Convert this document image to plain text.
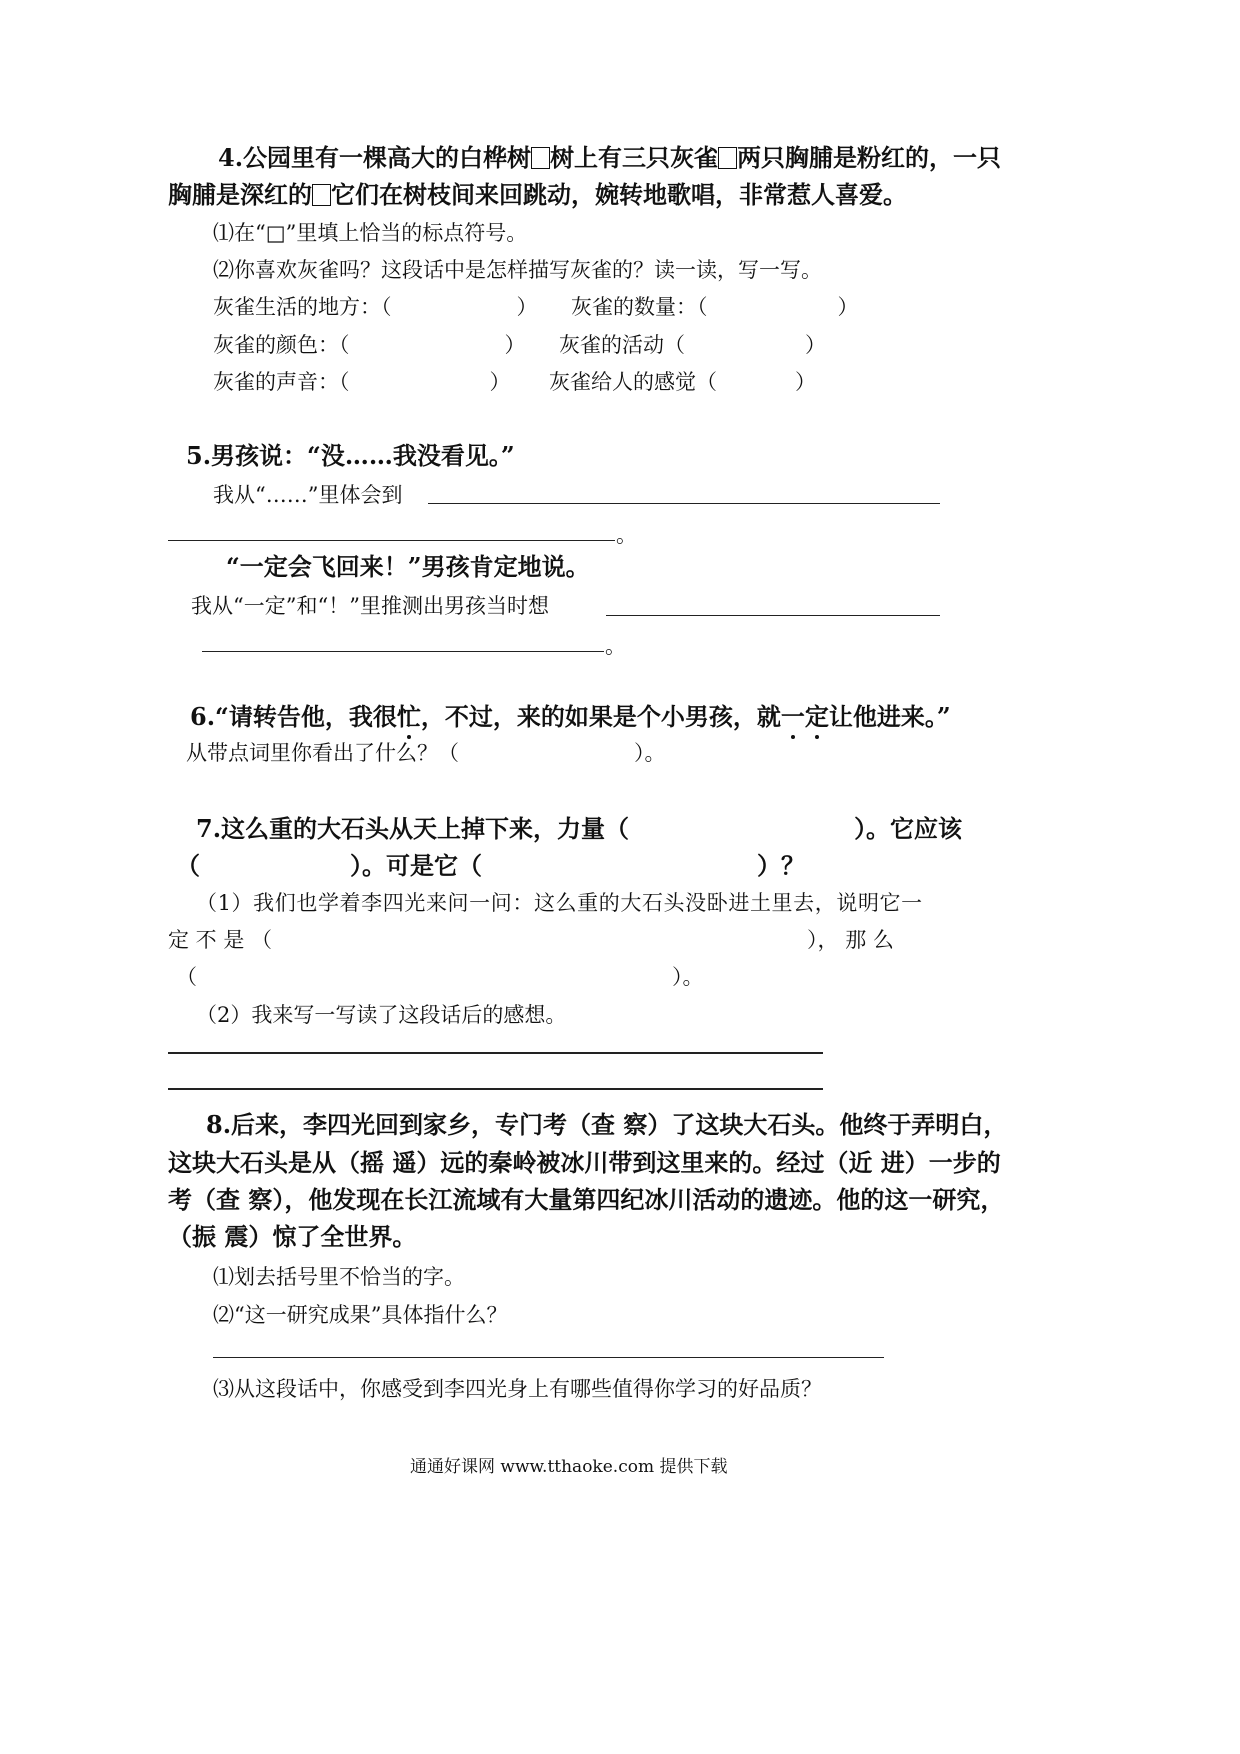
4.公园里有一棵高大的白桦树 树上有三只灰雀 两只胸脯是粉红的，一只
胸脯是深红的 它们在树枝间来回跳动，婉转地歌唱，非常惹人喜爱。
⑴在“□”里填上恰当的标点符号。
⑵你喜欢灰雀吗？这段话中是怎样描写灰雀的？读一读，写一写。
灰雀生活的地方：（	） 灰雀的数量：（	）
灰雀的颜色：（	） 灰雀的活动（	）
灰雀的声音：（	） 灰雀给人的感觉（	）
5.男孩说：“没……我没看见。”
我从“……”里体会到
。
“一定会飞回来！”男孩肯定地说。
我从“一定”和“！”里推测出男孩当时想
。
6.“请转告他，我很忙，不过，来的如果是个小男孩，就一定让他进来。”
从带点词里你看出了什么？（	）。
7.这么重的大石头从天上掉下来，力量（	）。它应该
（	）。可是它（	）？
（1）我们也学着李四光来问一问：这么重的大石头没卧进土里去，说明它一
定 不 是 （	）， 那 么
（	）。
（2）我来写一写读了这段话后的感想。
8.后来，李四光回到家乡，专门考（查 察）了这块大石头。他终于弄明白，
这块大石头是从（摇 遥）远的秦岭被冰川带到这里来的。经过（近 进）一步的
考（查 察），他发现在长江流域有大量第四纪冰川活动的遗迹。他的这一研究，
（振 震）惊了全世界。
⑴划去括号里不恰当的字。
⑵“这一研究成果”具体指什么？
⑶从这段话中，你感受到李四光身上有哪些值得你学习的好品质？
通通好课网 www.tthaoke.com 提供下载
